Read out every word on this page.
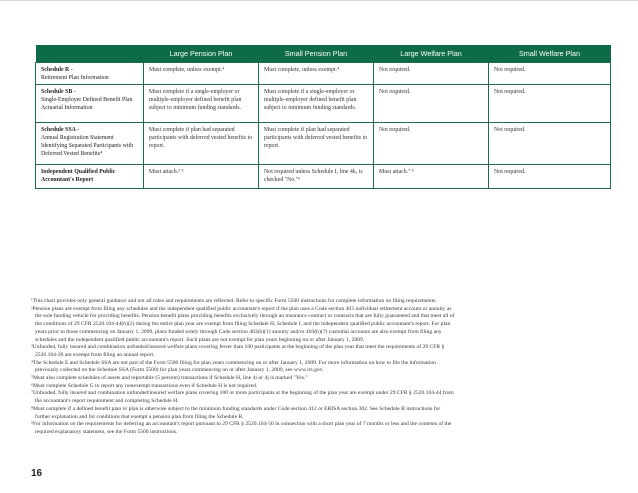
	Large Pension Plan	Small Pension Plan	Large Welfare Plan	Small Welfare Plan

Schedule R -
Retirement Plan Information	Must complete, unless exempt.⁴	Must complete, unless exempt.⁴	Not required.	Not required.

Schedule SB -
Single-Employer Defined Benefit Plan Actuarial Information	Must complete if a single-employer or multiple-employer defined benefit plan subject to minimum funding standards.	Must complete if a single-employer or multiple-employer defined benefit plan subject to minimum funding standards.	Not required.	Not required.

Schedule SSA -
Annual Registration Statement Identifying Separated Participants with Deferred Vested Benefits⁴	Must complete if plan had separated participants with deferred vested benefits to report.	Must complete if plan had separated participants with deferred vested benefits to report.	Not required.	Not required.

Independent Qualified Public Accountant's Report	Must attach.² ⁹	Not required unless Schedule I, line 4k, is checked "No."⁵	Must attach.⁷ ⁹	Not required.

¹This chart provides only general guidance and not all rules and requirements are reflected. Refer to specific Form 5500 instructions for complete information on filing requirements.

²Pension plans are exempt from filing any schedules and the independent qualified public accountant's report if the plan uses a Code section 403 individual retirement account or annuity as

the sole funding vehicle for providing benefits. Pension benefit plans providing benefits exclusively through an insurance contract or contracts that are fully guaranteed and that meet all of

the conditions of 29 CFR 2520.104-44(b)(2) during the entire plan year are exempt from filing Schedule H, Schedule I, and the independent qualified public accountant's report. For plan

years prior to those commencing on January 1, 2009, plans funded solely through Code section 403(b)(1) annuity and/or 403(b)(7) custodial accounts are also exempt from filing any

schedules and the independent qualified public accountant's report. Such plans are not exempt for plan years beginning on or after January 1, 2009.

³Unfunded, fully insured and combination unfunded/insured welfare plans covering fewer than 100 participants at the beginning of the plan year that meet the requirements of 29 CFR §

2520.104-20 are exempt from filing an annual report.

⁴The Schedule E and Schedule SSA are not part of the Form 5500 filing for plan years commencing on or after January 1, 2009. For more information on how to file the information

previously collected on the Schedule SSA (Form 5500) for plan years commencing on or after January 1, 2009, see www.irs.gov.

⁵Must also complete schedules of assets and reportable (5 percent) transactions if Schedule H, line 4i or 4j is marked "Yes."

⁶Must complete Schedule G to report any nonexempt transactions even if Schedule H is not required.

⁷Unfunded, fully insured and combination unfunded/insured welfare plans covering 100 or more participants at the beginning of the plan year are exempt under 29 CFR § 2520.104-44 from

the accountant's report requirement and completing Schedule H.

⁸Must complete if a defined benefit plan or plan is otherwise subject to the minimum funding standards under Code section 412 or ERISA section 302. See Schedule R instructions for

further explanation and for conditions that exempt a pension plan from filing the Schedule R.

⁹For information on the requirements for deferring an accountant's report pursuant to 29 CFR § 2520.104-50 in connection with a short plan year of 7 months or less and the contents of the

required explanatory statement, see the Form 5500 instructions.

16
